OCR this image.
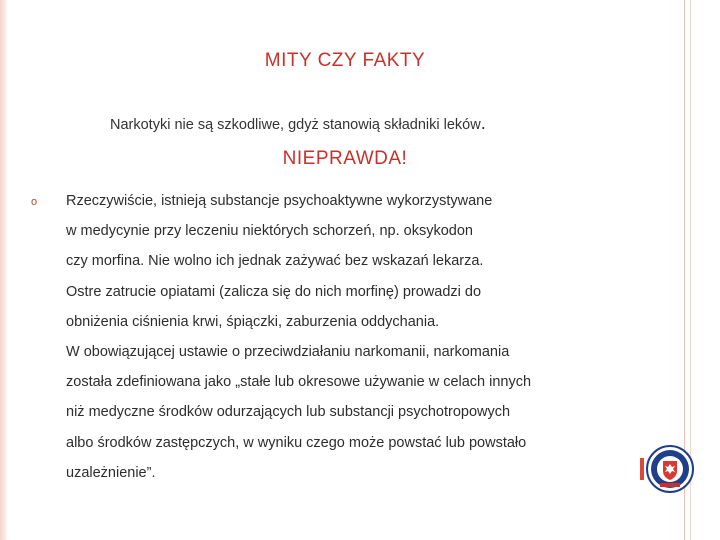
MITY CZY FAKTY
Narkotyki nie są szkodliwe, gdyż stanowią składniki leków.
NIEPRAWDA!
o Rzeczywiście, istnieją substancje psychoaktywne wykorzystywane
w medycynie przy leczeniu niektórych schorzeń, np. oksykodon
czy morfina. Nie wolno ich jednak zażywać bez wskazań lekarza.
Ostre zatrucie opiatami (zalicza się do nich morfinę) prowadzi do
obniżenia ciśnienia krwi, śpiączki, zaburzenia oddychania.
W obowiązującej ustawie o przeciwdziałaniu narkomanii, narkomania
została zdefiniowana jako „stałe lub okresowe używanie w celach innych
niż medyczne środków odurzających lub substancji psychotropowych
albo środków zastępczych, w wyniku czego może powstać lub powstało
uzależnienie”.
